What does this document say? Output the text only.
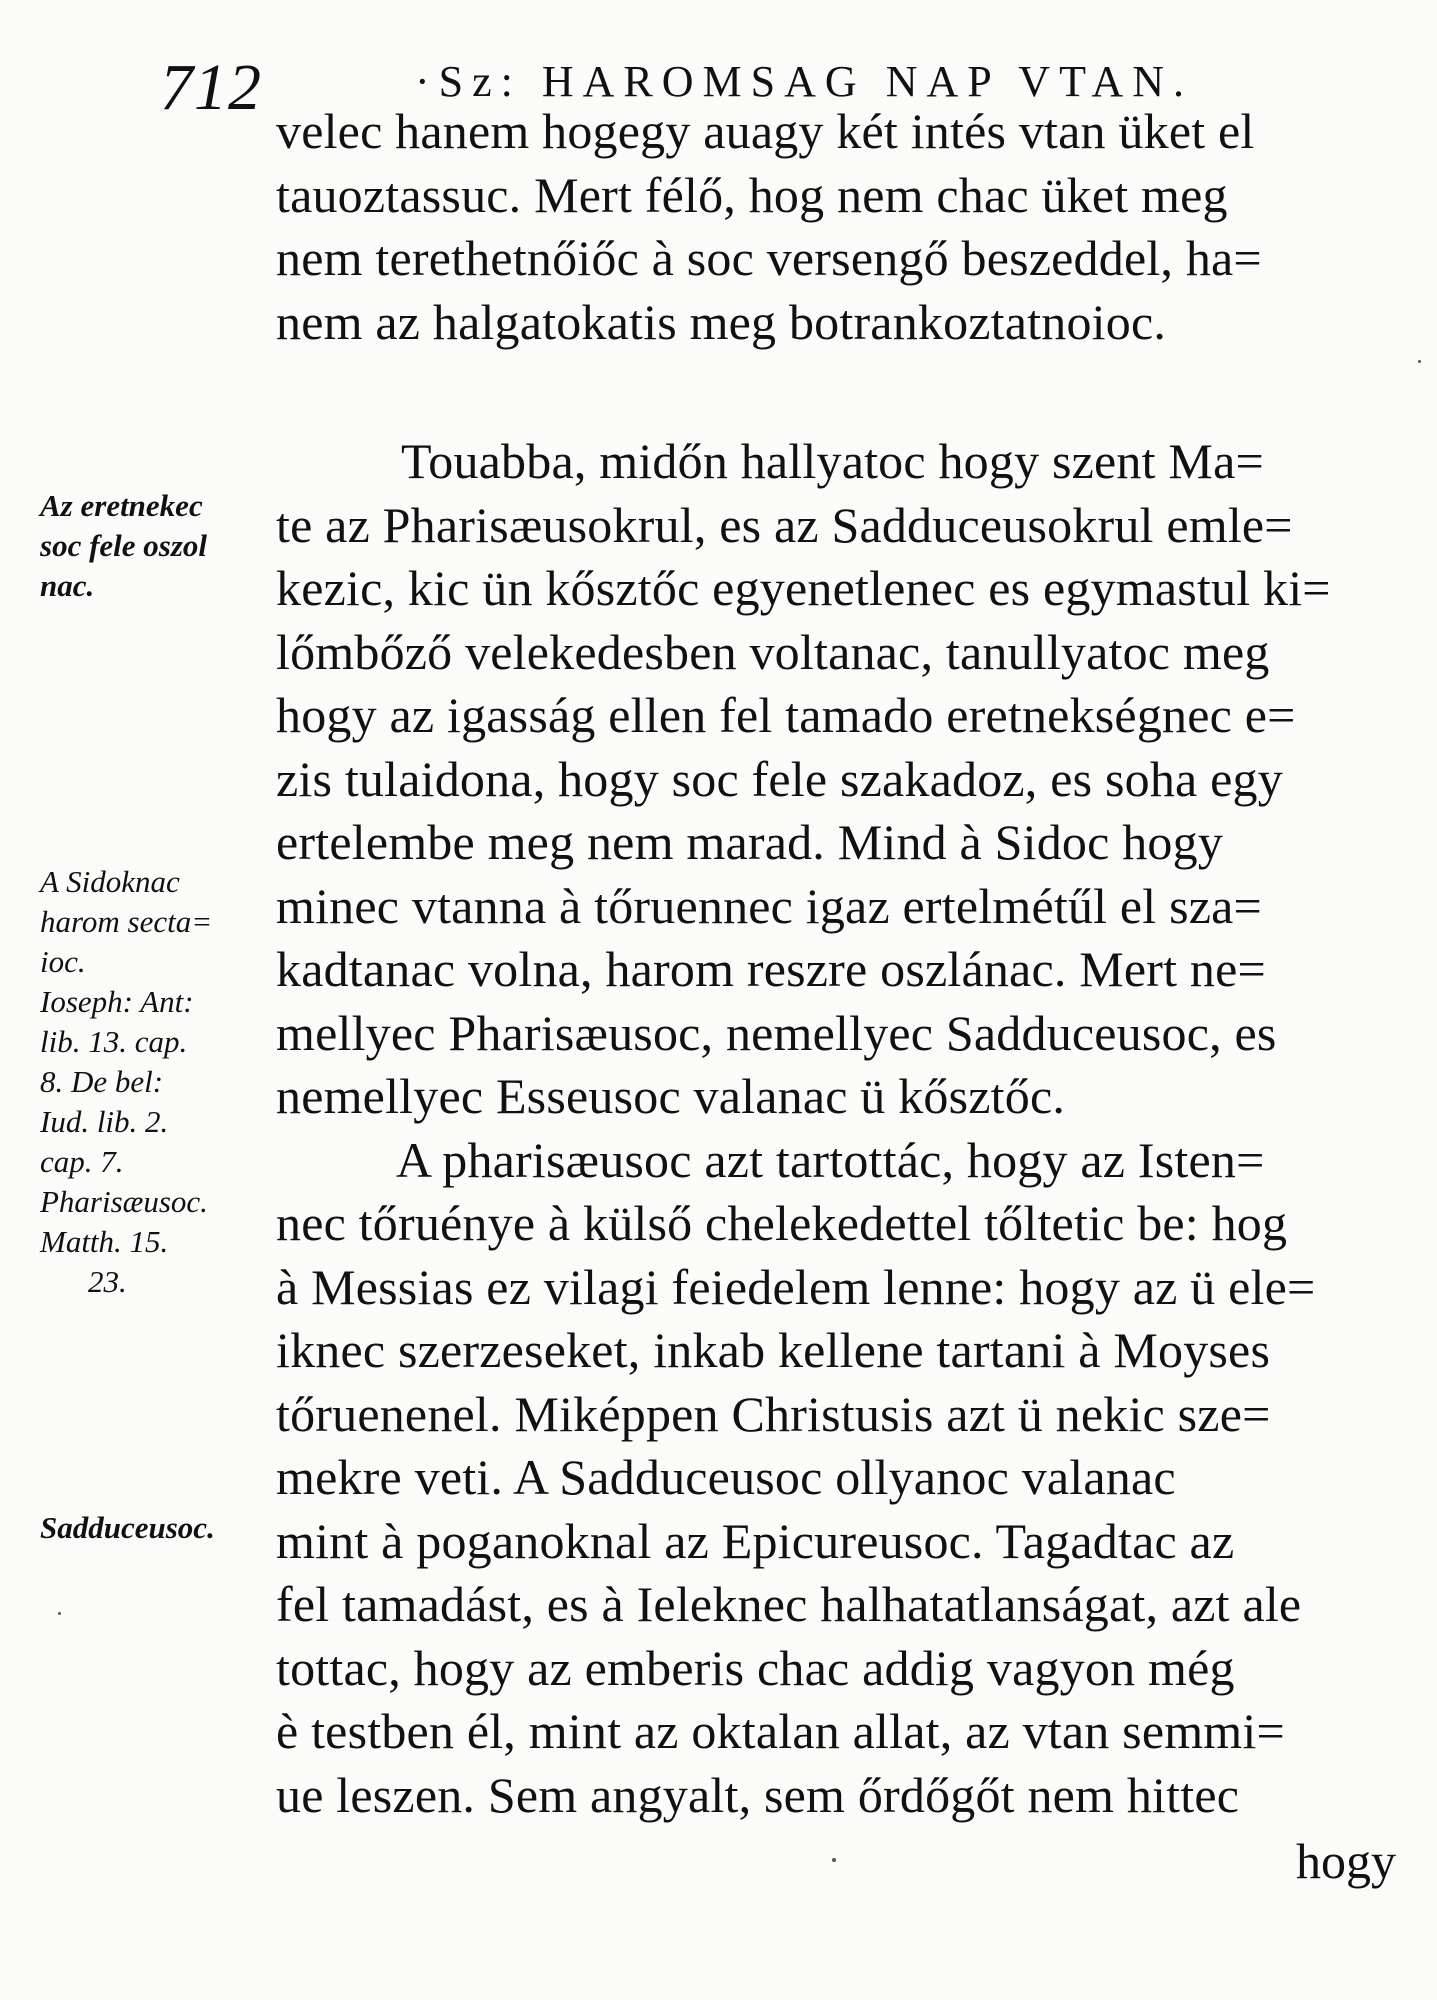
712	·Sz: HAROMSAG NAP VTAN.
velec hanem hogegy auagy két intés vtan üket el
tauoztassuc. Mert félő, hog nem chac üket meg
nem terethetnőiőc à soc versengő beszeddel, ha=
nem az halgatokatis meg botrankoztatnoioc.
Touabba, midőn hallyatoc hogy szent Ma=
te az Pharisæusokrul, es az Sadduceusokrul emle=
kezic, kic ün kősztőc egyenetlenec es egymastul ki=
lőmbőző velekedesben voltanac, tanullyatoc meg
hogy az igasság ellen fel tamado eretnekségnec e=
zis tulaidona, hogy soc fele szakadoz, es soha egy
ertelembe meg nem marad. Mind à Sidoc hogy
minec vtanna à tőruennec igaz ertelmétűl el sza=
kadtanac volna, harom reszre oszlánac. Mert ne=
mellyec Pharisæusoc, nemellyec Sadduceusoc, es
nemellyec Esseusoc valanac ü kősztőc.
A pharisæusoc azt tartottác, hogy az Isten=
nec tőruénye à külső chelekedettel tőltetic be: hog
à Messias ez vilagi feiedelem lenne: hogy az ü ele=
iknec szerzeseket, inkab kellene tartani à Moyses
tőruenenel. Miképpen Christusis azt ü nekic sze=
mekre veti. A Sadduceusoc ollyanoc valanac
mint à poganoknal az Epicureusoc. Tagadtac az
fel tamadást, es à Ieleknec halhatatlanságat, azt ale
tottac, hogy az emberis chac addig vagyon még
è testben él, mint az oktalan allat, az vtan semmi=
ue leszen. Sem angyalt, sem őrdőgőt nem hittec
hogy
Az eretnekec
soc fele oszol
nac.
A Sidoknac
harom secta=
ioc.
Ioseph: Ant:
lib. 13. cap.
8. De bel:
Iud. lib. 2.
cap. 7.
Pharisæusoc.
Matth. 15.
23.
Sadduceusoc.
